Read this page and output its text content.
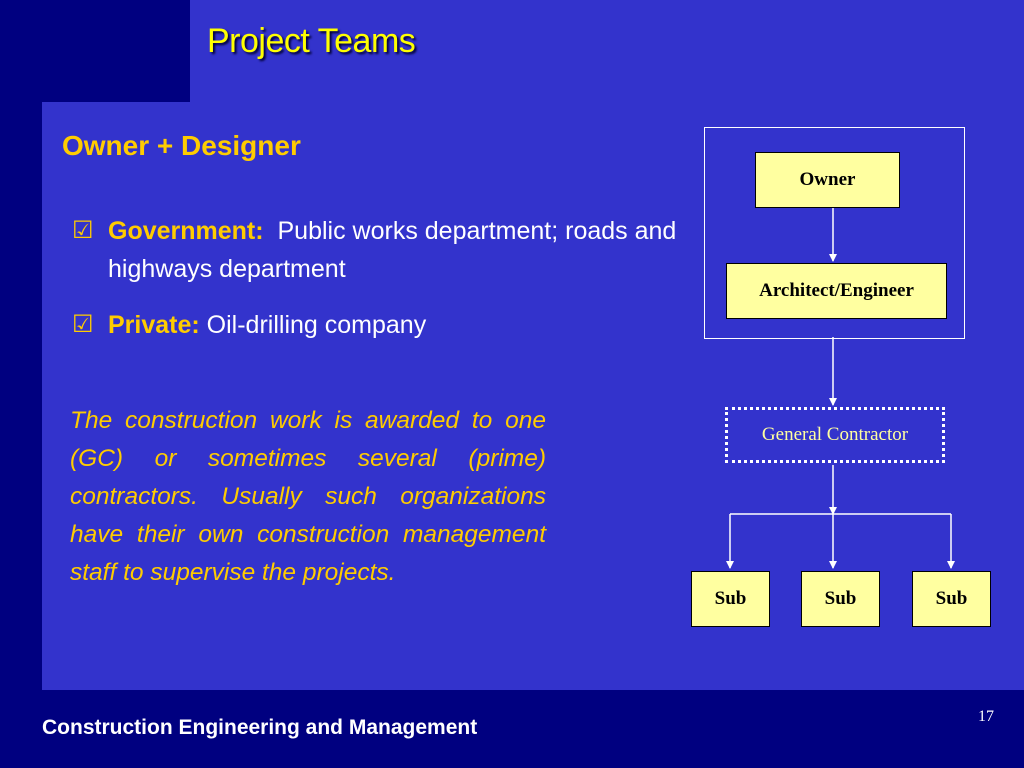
Project Teams
Owner + Designer
☑ Government: Public works department; roads and highways department
☑ Private: Oil-drilling company
The construction work is awarded to one (GC) or sometimes several (prime) contractors. Usually such organizations have their own construction management staff to supervise the projects.
Owner
Architect/Engineer
General Contractor
Sub	Sub	Sub
Construction Engineering and Management	17
